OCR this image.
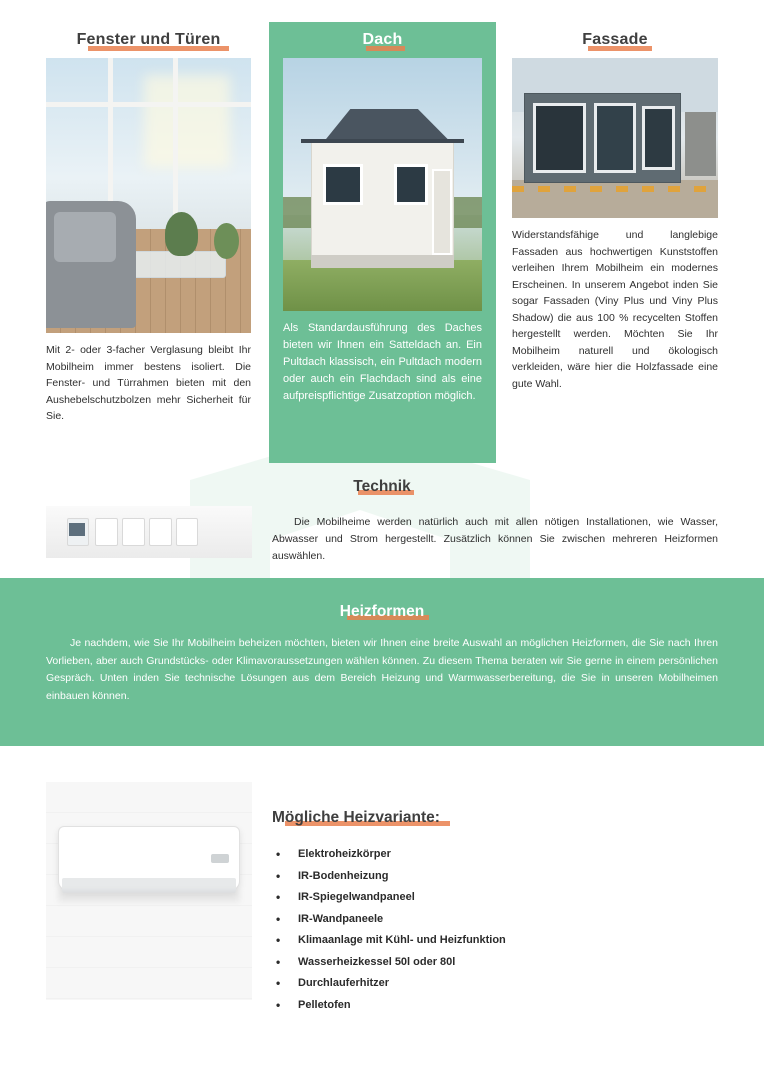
Fenster und Türen
Mit 2- oder 3-facher Verglasung bleibt Ihr Mobilheim immer bestens isoliert. Die Fenster- und Türrahmen bieten mit den Aushebelschutzbolzen mehr Sicherheit für Sie.
Dach
Als Standardausführung des Daches bieten wir Ihnen ein Satteldach an. Ein Pultdach klassisch, ein Pultdach modern oder auch ein Flachdach sind als eine aufpreispflichtige Zusatzoption möglich.
Fassade
Widerstandsfähige und langlebige Fassaden aus hochwertigen Kunststoffen verleihen Ihrem Mobilheim ein modernes Erscheinen. In unserem Angebot inden Sie sogar Fassaden (Viny Plus und Viny Plus Shadow) die aus 100 % recycelten Stoffen hergestellt werden. Möchten Sie Ihr Mobilheim naturell und ökologisch verkleiden, wäre hier die Holzfassade eine gute Wahl.
Technik
Die Mobilheime werden natürlich auch mit allen nötigen Installationen, wie Wasser, Abwasser und Strom hergestellt. Zusätzlich können Sie zwischen mehreren Heizformen auswählen.
Heizformen
Je nachdem, wie Sie Ihr Mobilheim beheizen möchten, bieten wir Ihnen eine breite Auswahl an möglichen Heizformen, die Sie nach Ihren Vorlieben, aber auch Grundstücks- oder Klimavoraussetzungen wählen können. Zu diesem Thema beraten wir Sie gerne in einem persönlichen Gespräch. Unten inden Sie technische Lösungen aus dem Bereich Heizung und Warmwasserbereitung, die Sie in unseren Mobilheimen einbauen können.
Mögliche Heizvariante:
• Elektroheizkörper
• IR-Bodenheizung
• IR-Spiegelwandpaneel
• IR-Wandpaneele
• Klimaanlage mit Kühl- und Heizfunktion
• Wasserheizkessel 50l oder 80l
• Durchlauferhitzer
• Pelletofen
